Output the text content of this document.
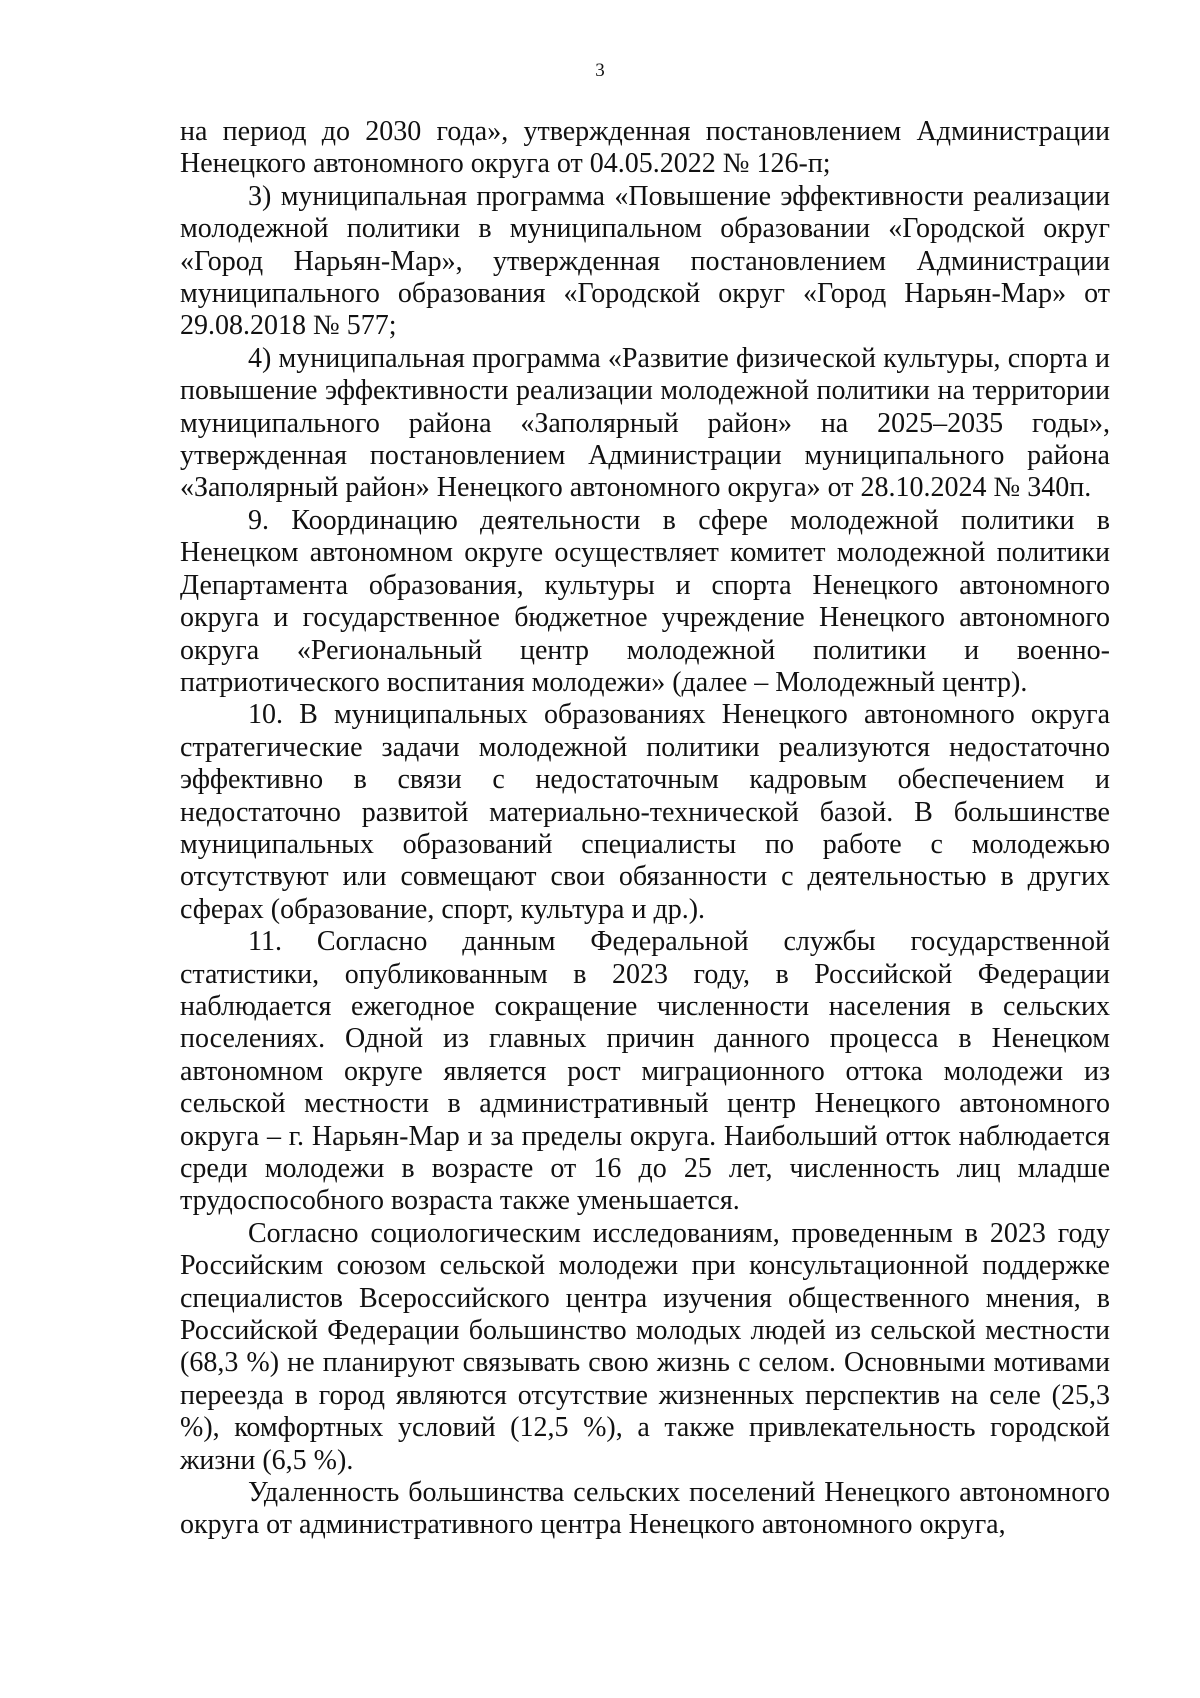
3

на период до 2030 года», утвержденная постановлением Администрации Ненецкого автономного округа от 04.05.2022 № 126-п;

3) муниципальная программа «Повышение эффективности реализации молодежной политики в муниципальном образовании «Городской округ «Город Нарьян-Мар», утвержденная постановлением Администрации муниципального образования «Городской округ «Город Нарьян-Мар» от 29.08.2018 № 577;

4) муниципальная программа «Развитие физической культуры, спорта и повышение эффективности реализации молодежной политики на территории муниципального района «Заполярный район» на 2025–2035 годы», утвержденная постановлением Администрации муниципального района «Заполярный район» Ненецкого автономного округа» от 28.10.2024 № 340п.

9. Координацию деятельности в сфере молодежной политики в Ненецком автономном округе осуществляет комитет молодежной политики Департамента образования, культуры и спорта Ненецкого автономного округа и государственное бюджетное учреждение Ненецкого автономного округа «Региональный центр молодежной политики и военно-патриотического воспитания молодежи» (далее – Молодежный центр).

10. В муниципальных образованиях Ненецкого автономного округа стратегические задачи молодежной политики реализуются недостаточно эффективно в связи с недостаточным кадровым обеспечением и недостаточно развитой материально-технической базой. В большинстве муниципальных образований специалисты по работе с молодежью отсутствуют или совмещают свои обязанности с деятельностью в других сферах (образование, спорт, культура и др.).

11. Согласно данным Федеральной службы государственной статистики, опубликованным в 2023 году, в Российской Федерации наблюдается ежегодное сокращение численности населения в сельских поселениях. Одной из главных причин данного процесса в Ненецком автономном округе является рост миграционного оттока молодежи из сельской местности в административный центр Ненецкого автономного округа – г. Нарьян-Мар и за пределы округа. Наибольший отток наблюдается среди молодежи в возрасте от 16 до 25 лет, численность лиц младше трудоспособного возраста также уменьшается.

Согласно социологическим исследованиям, проведенным в 2023 году Российским союзом сельской молодежи при консультационной поддержке специалистов Всероссийского центра изучения общественного мнения, в Российской Федерации большинство молодых людей из сельской местности (68,3 %) не планируют связывать свою жизнь с селом. Основными мотивами переезда в город являются отсутствие жизненных перспектив на селе (25,3 %), комфортных условий (12,5 %), а также привлекательность городской жизни (6,5 %).

Удаленность большинства сельских поселений Ненецкого автономного округа от административного центра Ненецкого автономного округа,
